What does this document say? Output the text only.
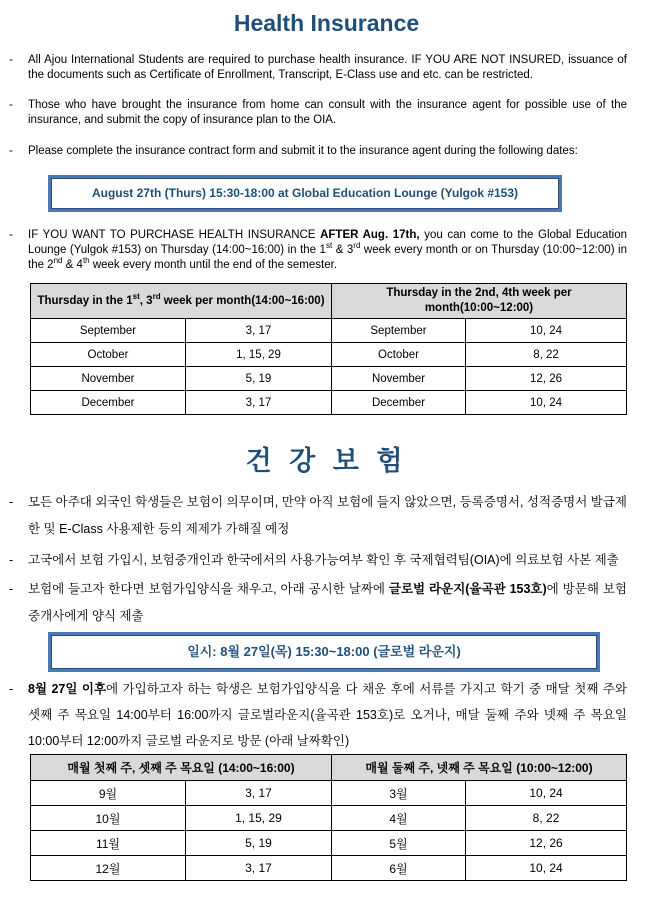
Health Insurance
-	All Ajou International Students are required to purchase health insurance. IF YOU ARE NOT INSURED, issuance of the documents such as Certificate of Enrollment, Transcript, E-Class use and etc. can be restricted.
-	Those who have brought the insurance from home can consult with the insurance agent for possible use of the insurance, and submit the copy of insurance plan to the OIA.
-	Please complete the insurance contract form and submit it to the insurance agent during the following dates:
August 27th (Thurs) 15:30-18:00 at Global Education Lounge (Yulgok #153)
-	IF YOU WANT TO PURCHASE HEALTH INSURANCE AFTER Aug. 17th, you can come to the Global Education Lounge (Yulgok #153) on Thursday (14:00~16:00) in the 1st & 3rd week every month or on Thursday (10:00~12:00) in the 2nd & 4th week every month until the end of the semester.
Thursday in the 1st, 3rd week per month(14:00~16:00)		Thursday in the 2nd, 4th week per month(10:00~12:00)	
September	3, 17	September	10, 24
October	1, 15, 29	October	8, 22
November	5, 19	November	12, 26
December	3, 17	December	10, 24
건 강 보 험
-	모든 아주대 외국인 학생들은 보험이 의무이며, 만약 아직 보험에 들지 않았으면, 등록증명서, 성적증명서 발급제한 및 E-Class 사용제한 등의 제제가 가해질 예정
-	고국에서 보험 가입시, 보험중개인과 한국에서의 사용가능여부 확인 후 국제협력팀(OIA)에 의료보험 사본 제출
-	보험에 들고자 한다면 보험가입양식을 채우고, 아래 공시한 날짜에 글로벌 라운지(율곡관 153호)에 방문해 보험 중개사에게 양식 제출
일시: 8월 27일(목) 15:30~18:00 (글로벌 라운지)
-	8월 27일 이후에 가입하고자 하는 학생은 보험가입양식을 다 채운 후에 서류를 가지고 학기 중 매달 첫째 주와 셋째 주 목요일 14:00부터 16:00까지 글로벌라운지(율곡관 153호)로 오거나, 매달 둘째 주와 넷째 주 목요일 10:00부터 12:00까지 글로벌 라운지로 방문 (아래 날짜확인)
매월 첫째 주, 셋째 주 목요일 (14:00~16:00)		매월 둘째 주, 넷째 주 목요일 (10:00~12:00)	
9월	3, 17	3월	10, 24
10월	1, 15, 29	4월	8, 22
11월	5, 19	5월	12, 26
12월	3, 17	6월	10, 24
